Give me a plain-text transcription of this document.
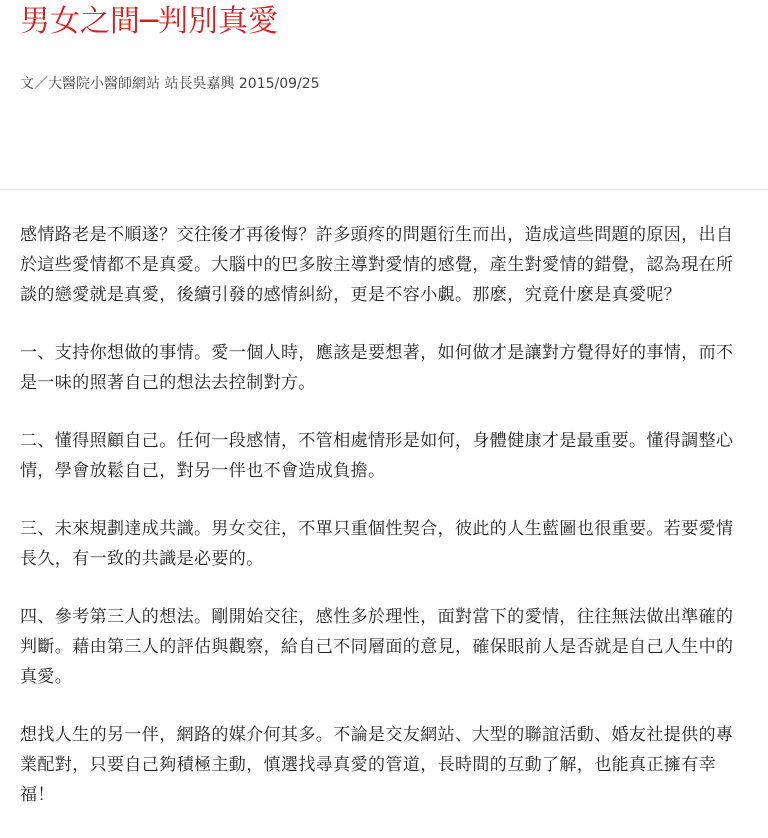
男女之間─判別真愛

文／大醫院小醫師網站 站長吳嘉興 2015/09/25

感情路老是不順遂？交往後才再後悔？許多頭疼的問題衍生而出，造成這些問題的原因，出自於這些愛情都不是真愛。大腦中的巴多胺主導對愛情的感覺，產生對愛情的錯覺，認為現在所談的戀愛就是真愛，後續引發的感情糾紛，更是不容小覷。那麽，究竟什麽是真愛呢？

一、支持你想做的事情。愛一個人時，應該是要想著，如何做才是讓對方覺得好的事情，而不是一味的照著自己的想法去控制對方。

二、懂得照顧自己。任何一段感情，不管相處情形是如何，身體健康才是最重要。懂得調整心情，學會放鬆自己，對另一伴也不會造成負擔。

三、未來規劃達成共識。男女交往，不單只重個性契合，彼此的人生藍圖也很重要。若要愛情長久，有一致的共識是必要的。

四、參考第三人的想法。剛開始交往，感性多於理性，面對當下的愛情，往往無法做出準確的判斷。藉由第三人的評估與觀察，給自己不同層面的意見，確保眼前人是否就是自己人生中的真愛。

想找人生的另一伴，網路的媒介何其多。不論是交友網站、大型的聯誼活動、婚友社提供的專業配對，只要自己夠積極主動，慎選找尋真愛的管道，長時間的互動了解，也能真正擁有幸福！
